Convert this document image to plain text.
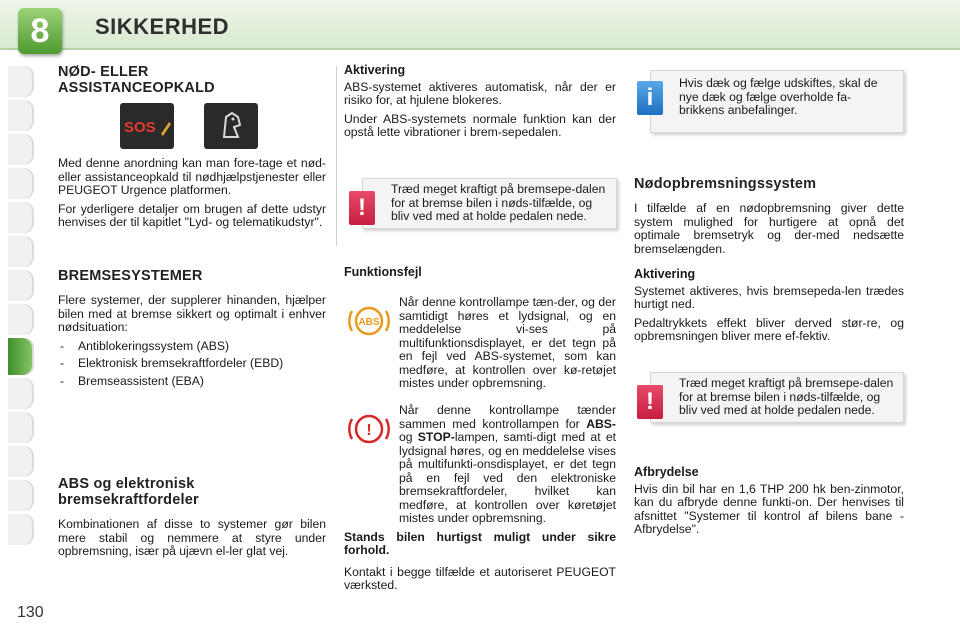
8	SIKKERHED
130
NØD- ELLER ASSISTANCEOPKALD
SOS

Med denne anordning kan man fore-tage et nød- eller assistanceopkald til nødhjælpstjenester eller PEUGEOT Urgence platformen.

For yderligere detaljer om brugen af dette udstyr henvises der til kapitlet "Lyd- og telematikudstyr".

BREMSESYSTEMER

Flere systemer, der supplerer hinanden, hjælper bilen med at bremse sikkert og optimalt i enhver nødsituation:

- Antiblokeringssystem (ABS)
- Elektronisk bremsekraftfordeler (EBD)
- Bremseassistent (EBA)
ABS og elektronisk bremsekraftfordeler

Kombinationen af disse to systemer gør bilen mere stabil og nemmere at styre under opbremsning, især på ujævn el-ler glat vej.

Aktivering

ABS-systemet aktiveres automatisk, når der er risiko for, at hjulene blokeres.

Under ABS-systemets normale funktion kan der opstå lette vibrationer i brem-sepedalen.

!
Træd meget kraftigt på bremsepe-dalen for at bremse bilen i nøds-tilfælde, og bliv ved med at holde pedalen nede.
Funktionsfejl
ABS

Når denne kontrollampe tæn-der, og der samtidigt høres et lydsignal, og en meddelelse vi-ses på multifunktionsdisplayet, er det tegn på en fejl ved ABS-systemet, som kan medføre, at kontrollen over kø-retøjet mistes under opbremsning.

!

Når denne kontrollampe tænder sammen med kontrollampen for ABS- og STOP-lampen, samti-digt med at et lydsignal høres, og en meddelelse vises på multifunkti-onsdisplayet, er det tegn på en fejl ved den elektroniske bremsekraftfordeler, hvilket kan medføre, at kontrollen over køretøjet mistes under opbremsning.

Stands bilen hurtigst muligt under sikre forhold.

Kontakt i begge tilfælde et autoriseret PEUGEOT værksted.

i
Hvis dæk og fælge udskiftes, skal de nye dæk og fælge overholde fa-brikkens anbefalinger.
Nødopbremsningssystem

I tilfælde af en nødopbremsning giver dette system mulighed for hurtigere at opnå det optimale bremsetryk og der-med nedsætte bremselængden.

Aktivering

Systemet aktiveres, hvis bremsepeda-len trædes hurtigt ned.

Pedaltrykkets effekt bliver derved stør-re, og opbremsningen bliver mere ef-fektiv.

!
Træd meget kraftigt på bremsepe-dalen for at bremse bilen i nøds-tilfælde, og bliv ved med at holde pedalen nede.
Afbrydelse

Hvis din bil har en 1,6 THP 200 hk ben-zinmotor, kan du afbryde denne funkti-on. Der henvises til afsnittet "Systemer til kontrol af bilens bane - Afbrydelse".
